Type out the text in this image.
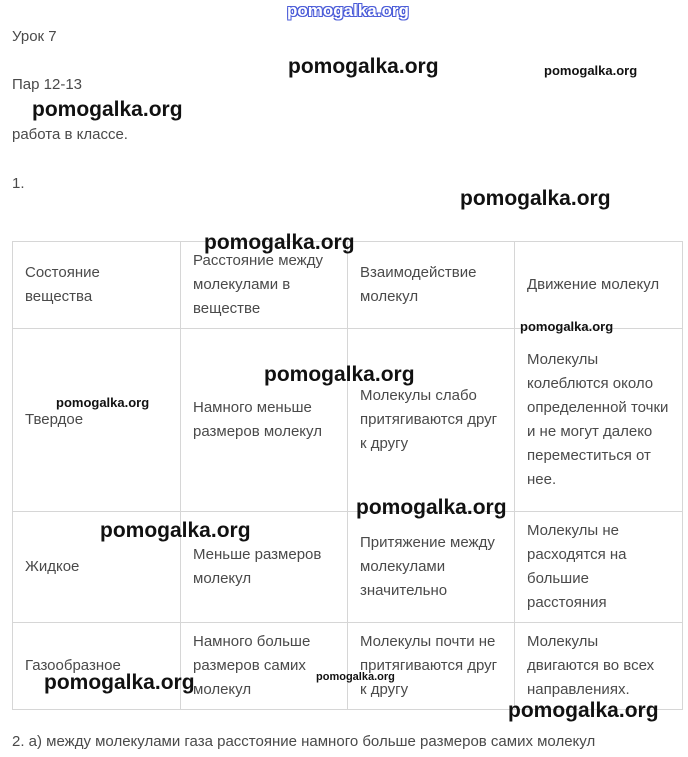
Урок 7
Пар 12-13
работа в классе.
1.
Состояние вещества	Расстояние между молекулами в веществе	Взаимодействие молекул	Движение молекул
Твердое	Намного меньше размеров молекул	Молекулы слабо притягиваются друг к другу	Молекулы колеблются около определенной точки и не могут далеко переместиться от нее.
Жидкое	Меньше размеров молекул	Притяжение между молекулами значительно	Молекулы не расходятся на большие расстояния
Газообразное	Намного больше размеров самих молекул	Молекулы почти не притягиваются друг к другу	Молекулы двигаются во всех направлениях.
2. а) между молекулами газа расстояние намного больше размеров самих молекул
pomogalka.org
pomogalka.org	pomogalka.org
pomogalka.org
pomogalka.org
pomogalka.org
pomogalka.org
pomogalka.org
pomogalka.org
pomogalka.org
pomogalka.org
pomogalka.org
pomogalka.org
pomogalka.org
